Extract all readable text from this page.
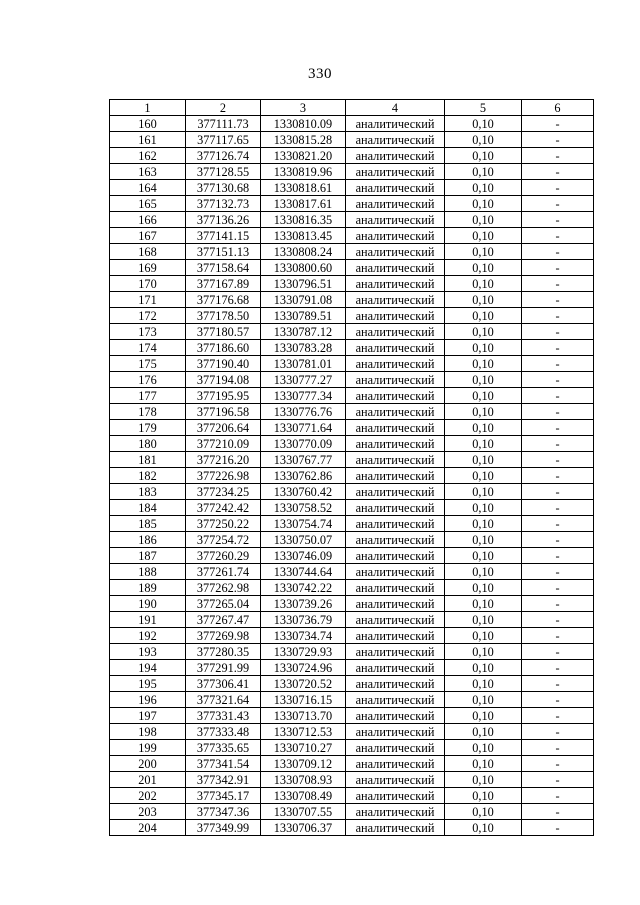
330
1	2	3	4	5	6
160	377111.73	1330810.09	аналитический	0,10	-
161	377117.65	1330815.28	аналитический	0,10	-
162	377126.74	1330821.20	аналитический	0,10	-
163	377128.55	1330819.96	аналитический	0,10	-
164	377130.68	1330818.61	аналитический	0,10	-
165	377132.73	1330817.61	аналитический	0,10	-
166	377136.26	1330816.35	аналитический	0,10	-
167	377141.15	1330813.45	аналитический	0,10	-
168	377151.13	1330808.24	аналитический	0,10	-
169	377158.64	1330800.60	аналитический	0,10	-
170	377167.89	1330796.51	аналитический	0,10	-
171	377176.68	1330791.08	аналитический	0,10	-
172	377178.50	1330789.51	аналитический	0,10	-
173	377180.57	1330787.12	аналитический	0,10	-
174	377186.60	1330783.28	аналитический	0,10	-
175	377190.40	1330781.01	аналитический	0,10	-
176	377194.08	1330777.27	аналитический	0,10	-
177	377195.95	1330777.34	аналитический	0,10	-
178	377196.58	1330776.76	аналитический	0,10	-
179	377206.64	1330771.64	аналитический	0,10	-
180	377210.09	1330770.09	аналитический	0,10	-
181	377216.20	1330767.77	аналитический	0,10	-
182	377226.98	1330762.86	аналитический	0,10	-
183	377234.25	1330760.42	аналитический	0,10	-
184	377242.42	1330758.52	аналитический	0,10	-
185	377250.22	1330754.74	аналитический	0,10	-
186	377254.72	1330750.07	аналитический	0,10	-
187	377260.29	1330746.09	аналитический	0,10	-
188	377261.74	1330744.64	аналитический	0,10	-
189	377262.98	1330742.22	аналитический	0,10	-
190	377265.04	1330739.26	аналитический	0,10	-
191	377267.47	1330736.79	аналитический	0,10	-
192	377269.98	1330734.74	аналитический	0,10	-
193	377280.35	1330729.93	аналитический	0,10	-
194	377291.99	1330724.96	аналитический	0,10	-
195	377306.41	1330720.52	аналитический	0,10	-
196	377321.64	1330716.15	аналитический	0,10	-
197	377331.43	1330713.70	аналитический	0,10	-
198	377333.48	1330712.53	аналитический	0,10	-
199	377335.65	1330710.27	аналитический	0,10	-
200	377341.54	1330709.12	аналитический	0,10	-
201	377342.91	1330708.93	аналитический	0,10	-
202	377345.17	1330708.49	аналитический	0,10	-
203	377347.36	1330707.55	аналитический	0,10	-
204	377349.99	1330706.37	аналитический	0,10	-
